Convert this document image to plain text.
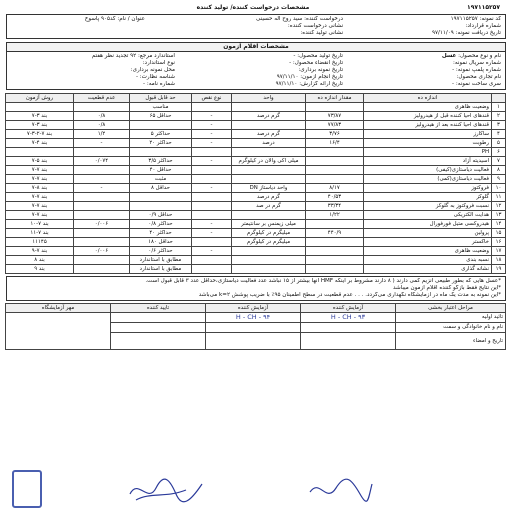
۱۹۷۱۱۵۲۵۷
مشخصات درخواست کننده/ تولید کننده
کد نمونه: ۱۹۷۱۱۵۲۵۷
شماره قرارداد:
تاریخ دریافت نمونه: ۹۷/۱۱/۰۹
درخواست کننده: سید روح اله حسینی
نشانی درخواست کننده:
نشانی تولید کننده:
عنوان / نام: کد۹۰۵ پاسوخ
مشخصات اقلام آزمون
نام و نوع محصول: عسل
شماره سریال نمونه:
شماره پلمپ نمونه: -
نام تجاری محصول:
سری ساخت نمونه: -
تاریخ تولید محصول: -
تاریخ انقضاء محصول: -
تاریخ نمونه برداری:
تاریخ انجام آزمون: ۹۷/۱۱/۱۰
تاریخ ارائه گزارش: ۹۷/۱۱/۱۰
استاندارد مرجع: ۹۲ تجدید نظر هفتم
نوع استاندارد:
محل نمونه برداری:
شناسه نظارت: -
شماره نامه: -
	اندازه ده	مقدار اندازه ده	واحد	نوع نقص	حد قابل قبول	عدم قطعیت	روش آزمون
۱	وضعیت ظاهری				مناسب		
۲	قندهای احیا کننده قبل از هیدرولیز	۷۳/۸۷	گرم درصد	-	حداقل ۶۵	۰/۸	بند ۳-۷
۳	قندهای احیا کننده بعد از هیدرولیز	۷۷/۸۳		-		۰/۸	بند ۳-۷
۴	ساکارز	۳/۷۶	گرم درصد	-	حداکثر ۵	۱/۲	بند ۷-۲-۳-۷
۵	رطوبت	۱۶/۴	درصد	-	حداکثر ۲۰	-	بند ۴-۷
۶	PH						
۷	اسیدیته آزاد		میلی اکی والان در کیلوگرم	-	حداکثر ۳/۵	۰/۰۷۴	بند ۵-۷
۸	فعالیت دیاستازی(کیفی)				حداقل ۴۰		بند ۷-۷
۹	فعالیت دیاستازی(کمی)				مثبت		بند ۷-۷
۱۰	فروکتوز	۸/۱۷	واحد دیاستاز DN	-	حداقل ۸	-	بند ۸-۷
۱۱	گلوکز	۴۰/۵۳	گرم درصد				بند ۷-۷
۱۲	نسبت فروکتوز به گلوکز	۳۳/۳۴	گرم در صد				بند ۷-۷
۱۳	هدایت الکتریکی	۱/۲۲			حداقل ۰/۹		بند ۷-۷
۱۴	هیدروکسی متیل فورفورال		میلی زیمنس بر سانتیمتر	-	حداکثر ۰/۸	۰/۰۰۶	بند ۷-۱۰
۱۵	پرولین	۴۴۰/۹	میلیگرم در کیلوگرم	-	حداکثر ۴۰		بند ۷-۱۱
۱۶	خاکستر		میلیگرم در کیلوگرم		حداقل ۱۸۰		۱۱۱۴۵
۱۷	وضعیت ظاهری			-	حداکثر ۰/۶	۰/۰۰۶	بند ۷-۹
۱۸	نسبه بندی				مطابق با استاندارد		بند ۸
۱۹	نشانه گذاری				مطابق با استاندارد		بند ۹
*عسل هایی که بطور طبیعی آنزیم کمی دارند ( ۸ دارند مشروط بر اینکه HMF آنها بیشتر از ۱۵ نباشد عدد فعالیت دیاستازی،حداقل عدد ۳ قابل قبول است.
*این نتایج فقط بازگو کننده اقلام آزمون میباشد
*این نمونه به مدت یک ماه در آزمایشگاه نگهداری می‌گردد. . . . عدم قطعیت در سطح اطمینان ۹۵٪ با ضریب پوشش ۲=k می‌باشد
مراحل اعتبار بخشی	آزمایش کننده	آزمایش کننده	تایید کننده	مهر آزمایشگاه
تائید اولیه	H - CH - ۹۳	H - CH - ۹۴		
نام و نام خانوادگی و سمت				
تاریخ و امضاء				
